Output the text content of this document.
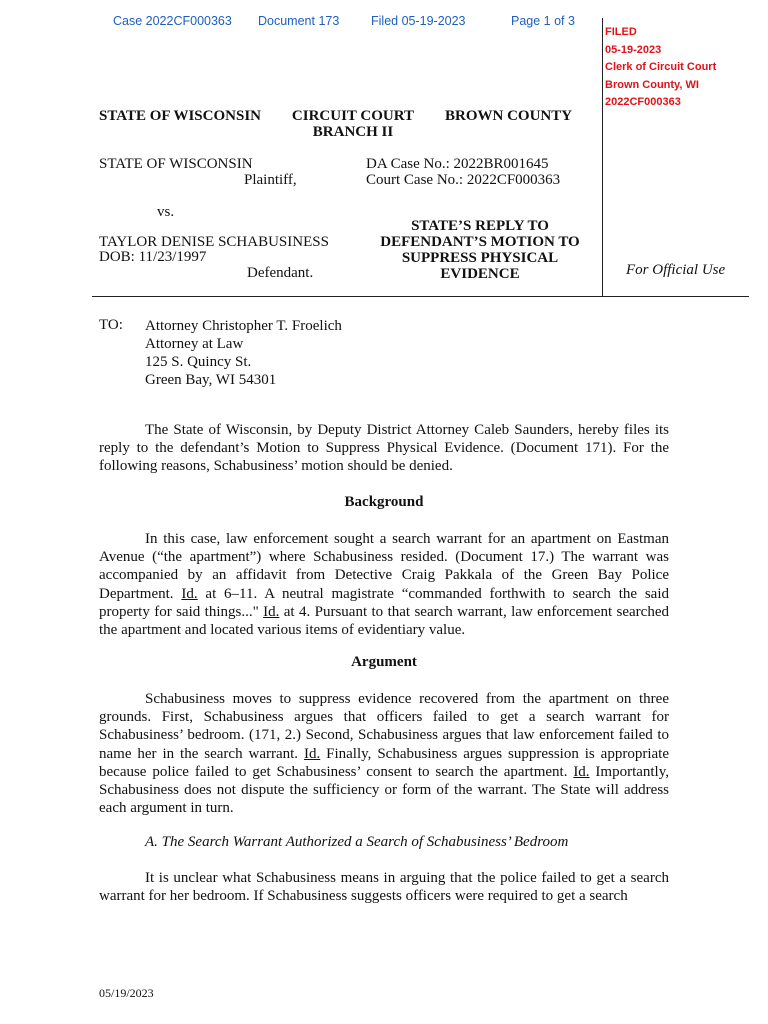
Case 2022CF000363 Document 173	Filed 05-19-2023	Page 1 of 3
FILED
05-19-2023
Clerk of Circuit Court
Brown County, WI
2022CF000363
STATE OF WISCONSIN	CIRCUIT COURT
BRANCH II
BROWN COUNTY
STATE OF WISCONSIN
Plaintiff,
DA Case No.: 2022BR001645
Court Case No.: 2022CF000363
vs.
TAYLOR DENISE SCHABUSINESS
DOB: 11/23/1997
Defendant.
STATE’S REPLY TO
DEFENDANT’S MOTION TO
SUPPRESS PHYSICAL
EVIDENCE	For Official Use
TO: Attorney Christopher T. Froelich
Attorney at Law
125 S. Quincy St.
Green Bay, WI 54301

The State of Wisconsin, by Deputy District Attorney Caleb Saunders, hereby files its reply to the defendant’s Motion to Suppress Physical Evidence. (Document 171). For the following reasons, Schabusiness’ motion should be denied.

Background

In this case, law enforcement sought a search warrant for an apartment on Eastman Avenue (“the apartment”) where Schabusiness resided. (Document 17.) The warrant was accompanied by an affidavit from Detective Craig Pakkala of the Green Bay Police Department. Id. at 6–11. A neutral magistrate “commanded forthwith to search the said property for said things..." Id. at 4. Pursuant to that search warrant, law enforcement searched the apartment and located various items of evidentiary value.

Argument

Schabusiness moves to suppress evidence recovered from the apartment on three grounds. First, Schabusiness argues that officers failed to get a search warrant for Schabusiness’ bedroom. (171, 2.) Second, Schabusiness argues that law enforcement failed to name her in the search warrant. Id. Finally, Schabusiness argues suppression is appropriate because police failed to get Schabusiness’ consent to search the apartment. Id. Importantly, Schabusiness does not dispute the sufficiency or form of the warrant. The State will address each argument in turn.

A. The Search Warrant Authorized a Search of Schabusiness’ Bedroom

It is unclear what Schabusiness means in arguing that the police failed to get a search warrant for her bedroom. If Schabusiness suggests officers were required to get a search

05/19/2023
